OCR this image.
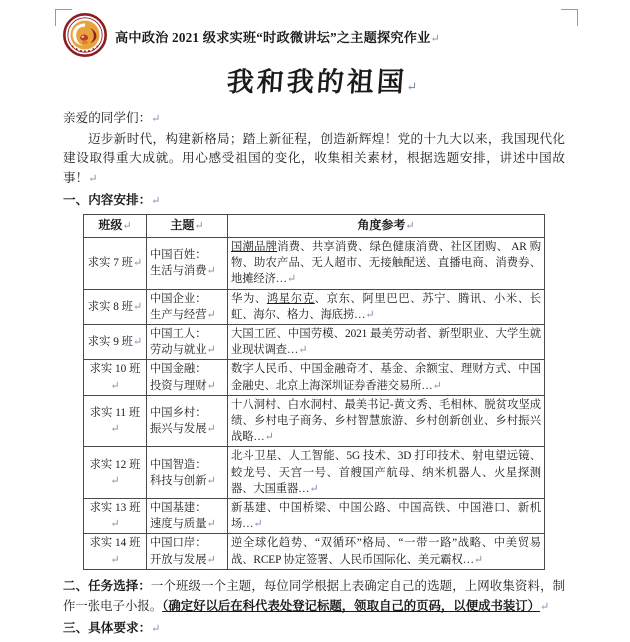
求实 高中政治 2021 级求实班“时政微讲坛”之主题探究作业↵
我和我的祖国↵

亲爱的同学们：↵

迈步新时代，构建新格局；踏上新征程，创造新辉煌！党的十九大以来，我国现代化建设取得重大成就。用心感受祖国的变化，收集相关素材，根据选题安排，讲述中国故事！↵

一、内容安排：↵

班级↵	主题↵	角度参考↵
求实 7 班↵	中国百姓：
生活与消费↵	国潮品牌消费、共享消费、绿色健康消费、社区团购、 AR 购物、助农产品、无人超市、无接触配送、直播电商、消费券、地摊经济…↵
求实 8 班↵	中国企业：
生产与经营↵	华为、鸿星尔克、京东、阿里巴巴、苏宁、腾讯、小米、长虹、海尔、格力、海底捞…↵
求实 9 班↵	中国工人：
劳动与就业↵	大国工匠、中国劳模、2021 最美劳动者、新型职业、大学生就业现状调查…↵
求实 10 班↵	中国金融：
投资与理财↵	数字人民币、中国金融奇才、基金、余额宝、理财方式、中国金融史、北京上海深圳证券香港交易所…↵
求实 11 班↵	中国乡村：
振兴与发展↵	十八洞村、白水洞村、最美书记-黄文秀、毛相林、脱贫攻坚成绩、乡村电子商务、乡村智慧旅游、乡村创新创业、乡村振兴战略…↵
求实 12 班↵	中国智造：
科技与创新↵	北斗卫星、人工智能、5G 技术、3D 打印技术、射电望远镜、蛟龙号、天宫一号、首艘国产航母、纳米机器人、火星探测器、大国重器…↵
求实 13 班↵	中国基建：
速度与质量↵	新基建、中国桥梁、中国公路、中国高铁、中国港口、新机场…↵
求实 14 班↵	中国口岸：
开放与发展↵	逆全球化趋势、“双循环”格局、“一带一路”战略、中美贸易战、RCEP 协定签署、人民币国际化、美元霸权…↵

二、任务选择：一个班级一个主题，每位同学根据上表确定自己的选题，上网收集资料，制作一张电子小报。（确定好以后在科代表处登记标题，领取自己的页码，以便成书装订）↵

三、具体要求：↵
